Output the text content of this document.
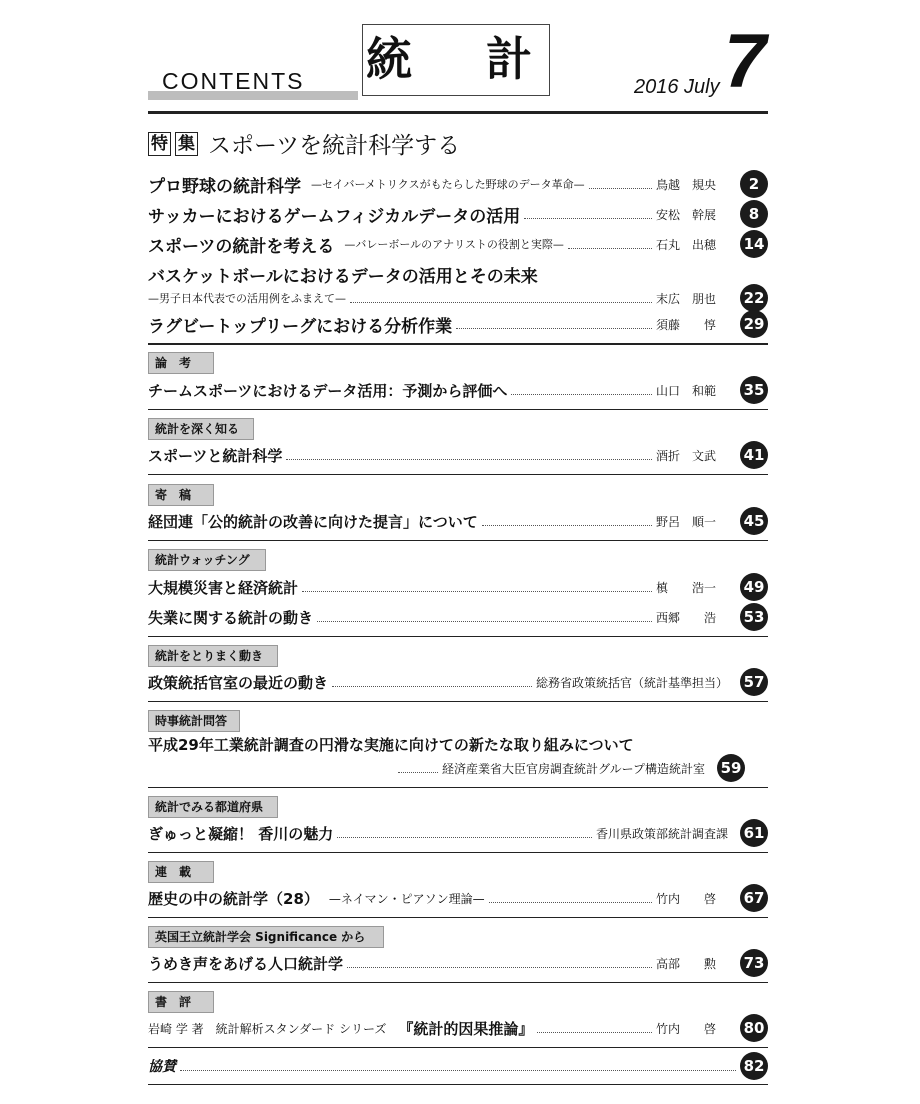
CONTENTS 統　計
2016 July 7
特 集 スポーツを統計科学する
プロ野球の統計科学 —セイバーメトリクスがもたらした野球のデータ革命—	鳥越　規央	2
サッカーにおけるゲームフィジカルデータの活用	安松　幹展	8
スポーツの統計を考える —バレーボールのアナリストの役割と実際—	石丸　出穂	14
バスケットボールにおけるデータの活用とその未来
—男子日本代表での活用例をふまえて—	末広　朋也	22
ラグビートップリーグにおける分析作業	須藤　　惇	29
論　考
チームスポーツにおけるデータ活用：予測から評価へ	山口　和範	35
統計を深く知る
スポーツと統計科学	酒折　文武	41
寄　稿
経団連「公的統計の改善に向けた提言」について	野呂　順一	45
統計ウォッチング
大規模災害と経済統計	槙　　浩一	49
失業に関する統計の動き	西郷　　浩	53
統計をとりまく動き
政策統括官室の最近の動き	総務省政策統括官（統計基準担当） 57
時事統計問答
平成29年工業統計調査の円滑な実施に向けての新たな取り組みについて
経済産業省大臣官房調査統計グループ構造統計室 59
統計でみる都道府県
ぎゅっと凝縮！ 香川の魅力	香川県政策部統計調査課 61
連　載
歴史の中の統計学（28） —ネイマン・ピアソン理論—	竹内　　啓	67
英国王立統計学会 Significance から
うめき声をあげる人口統計学	高部　　勲	73
書　評
岩崎 学 著　統計解析スタンダード シリーズ 『統計的因果推論』	竹内　　啓	80
協賛	82
